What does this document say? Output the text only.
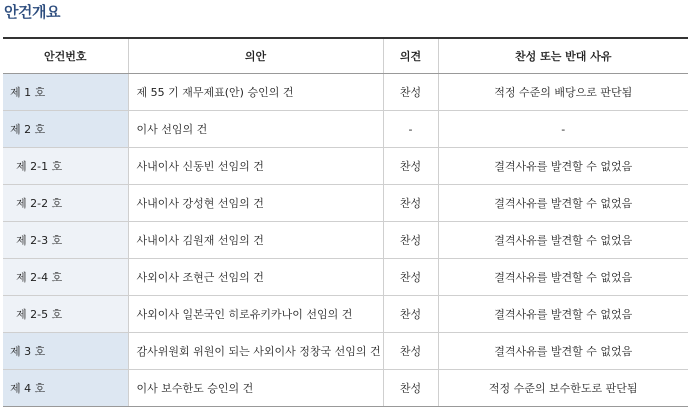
안건개요
안건번호	의안	의견	찬성 또는 반대 사유
제 1 호	제 55 기 재무제표(안) 승인의 건	찬성	적정 수준의 배당으로 판단됨
제 2 호	이사 선임의 건	-	-
제 2-1 호	사내이사 신동빈 선임의 건	찬성	결격사유를 발견할 수 없었음
제 2-2 호	사내이사 강성현 선임의 건	찬성	결격사유를 발견할 수 없었음
제 2-3 호	사내이사 김원재 선임의 건	찬성	결격사유를 발견할 수 없었음
제 2-4 호	사외이사 조현근 선임의 건	찬성	결격사유를 발견할 수 없었음
제 2-5 호	사외이사 일본국인 히로유키카나이 선임의 건	찬성	결격사유를 발견할 수 없었음
제 3 호	감사위원회 위원이 되는 사외이사 정창국 선임의 건	찬성	결격사유를 발견할 수 없었음
제 4 호	이사 보수한도 승인의 건	찬성	적정 수준의 보수한도로 판단됨
